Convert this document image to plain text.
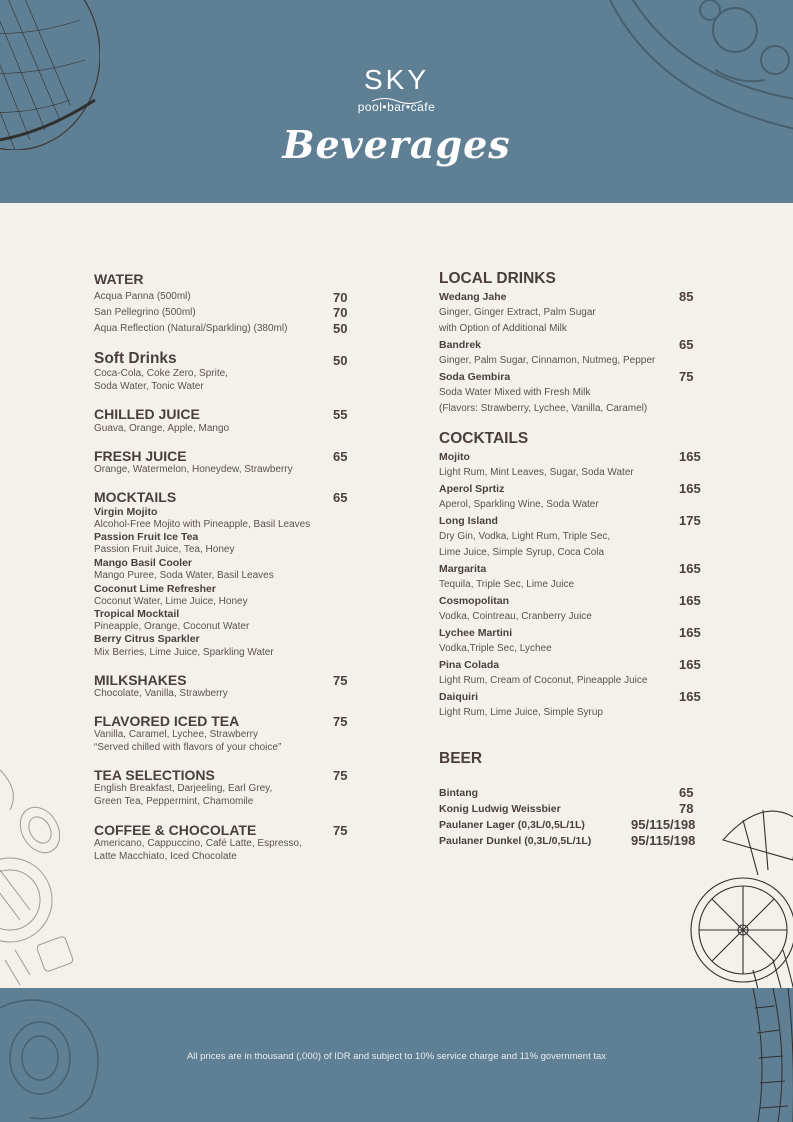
SKY
pool•bar•cafe
Beverages
WATER
Acqua Panna (500ml)	70
San Pellegrino (500ml)	70
Aqua Reflection (Natural/Sparkling) (380ml)	50
Soft Drinks	50
Coca-Cola, Coke Zero, Sprite,
Soda Water, Tonic Water
CHILLED JUICE	55
Guava, Orange, Apple, Mango
FRESH JUICE	65
Orange, Watermelon, Honeydew, Strawberry
MOCKTAILS	65
Virgin Mojito
Alcohol-Free Mojito with Pineapple, Basil Leaves
Passion Fruit Ice Tea
Passion Fruit Juice, Tea, Honey
Mango Basil Cooler
Mango Puree, Soda Water, Basil Leaves
Coconut Lime Refresher
Coconut Water, Lime Juice, Honey
Tropical Mocktail
Pineapple, Orange, Coconut Water
Berry Citrus Sparkler
Mix Berries, Lime Juice, Sparkling Water
MILKSHAKES	75
Chocolate, Vanilla, Strawberry
FLAVORED ICED TEA	75
Vanilla, Caramel, Lychee, Strawberry
“Served chilled with flavors of your choice”
TEA SELECTIONS	75
English Breakfast, Darjeeling, Earl Grey,
Green Tea, Peppermint, Chamomile
COFFEE & CHOCOLATE	75
Americano, Cappuccino, Café Latte, Espresso,
Latte Macchiato, Iced Chocolate
LOCAL DRINKS
Wedang Jahe	85
Ginger, Ginger Extract, Palm Sugar
with Option of Additional Milk
Bandrek	65
Ginger, Palm Sugar, Cinnamon, Nutmeg, Pepper
Soda Gembira	75
Soda Water Mixed with Fresh Milk
(Flavors: Strawberry, Lychee, Vanilla, Caramel)
COCKTAILS
Mojito	165
Light Rum, Mint Leaves, Sugar, Soda Water
Aperol Sprtiz	165
Aperol, Sparkling Wine, Soda Water
Long Island	175
Dry Gin, Vodka, Light Rum, Triple Sec,
Lime Juice, Simple Syrup, Coca Cola
Margarita	165
Tequila, Triple Sec, Lime Juice
Cosmopolitan	165
Vodka, Cointreau, Cranberry Juice
Lychee Martini	165
Vodka,Triple Sec, Lychee
Pina Colada	165
Light Rum, Cream of Coconut, Pineapple Juice
Daiquiri	165
Light Rum, Lime Juice, Simple Syrup
BEER
Bintang	65
Konig Ludwig Weissbier	78
Paulaner Lager (0,3L/0,5L/1L)	95/115/198
Paulaner Dunkel (0,3L/0,5L/1L)	95/115/198
All prices are in thousand (,000) of IDR and subject to 10% service charge and 11% government tax
